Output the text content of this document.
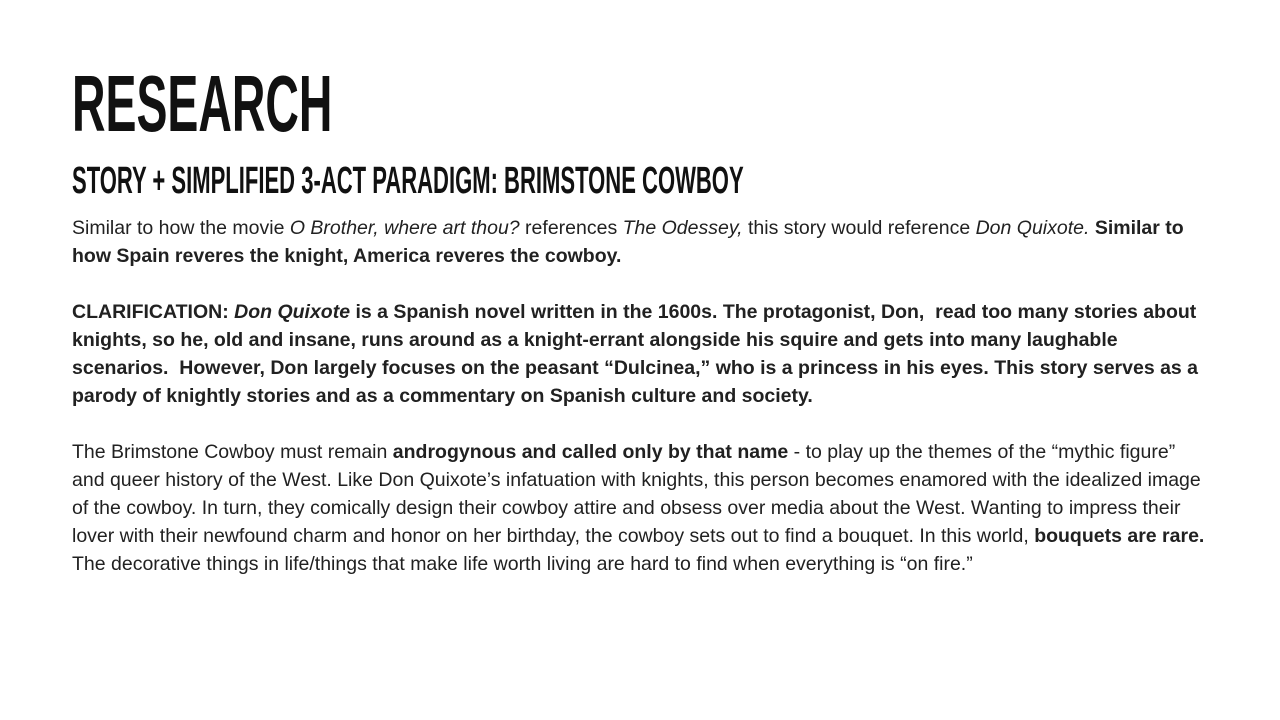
RESEARCH
STORY + SIMPLIFIED 3-ACT PARADIGM: BRIMSTONE COWBOY

Similar to how the movie O Brother, where art thou? references The Odessey, this story would reference Don Quixote. Similar to how Spain reveres the knight, America reveres the cowboy.

CLARIFICATION: Don Quixote is a Spanish novel written in the 1600s. The protagonist, Don,  read too many stories about knights, so he, old and insane, runs around as a knight-errant alongside his squire and gets into many laughable scenarios.  However, Don largely focuses on the peasant “Dulcinea,” who is a princess in his eyes. This story serves as a parody of knightly stories and as a commentary on Spanish culture and society.

The Brimstone Cowboy must remain androgynous and called only by that name - to play up the themes of the “mythic figure” and queer history of the West. Like Don Quixote’s infatuation with knights, this person becomes enamored with the idealized image of the cowboy. In turn, they comically design their cowboy attire and obsess over media about the West. Wanting to impress their lover with their newfound charm and honor on her birthday, the cowboy sets out to find a bouquet. In this world, bouquets are rare. The decorative things in life/things that make life worth living are hard to find when everything is “on fire.”
